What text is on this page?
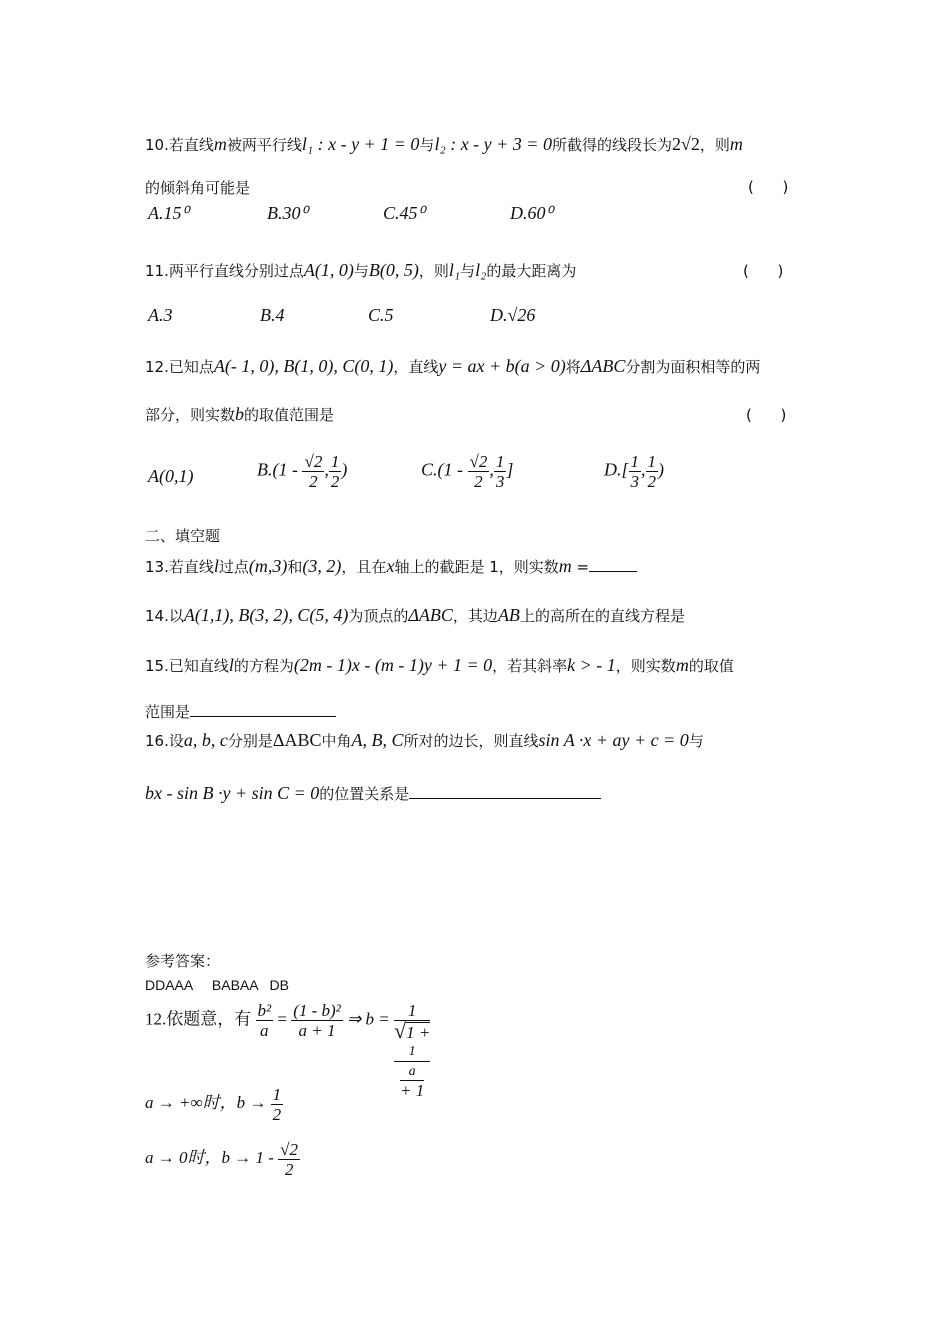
10.若直线m被两平行线l₁ : x - y + 1 = 0与l₂ : x - y + 3 = 0所截得的线段长为2√2，则m
的倾斜角可能是	(      )
A.15⁰	B.30⁰	C.45⁰	D.60⁰
11.两平行直线分别过点A(1, 0)与B(0, 5)，则l₁与l₂的最大距离为	(      )
A.3	B.4	C.5	D.√26
12.已知点A(- 1, 0), B(1, 0), C(0, 1)，直线y = ax + b(a > 0)将ΔABC分割为面积相等的两
部分，则实数b的取值范围是	(      )
A(0,1)	$B.(1 - \frac{√2}{2}$ , $\frac{1}{2}$ )	$C.(1 - \frac{√2}{2}$ , $\frac{1}{3}$ ]	$D.[ \frac{1}{3}$ , $\frac{1}{2}$ )
二、填空题
13.若直线l过点(m,3)和(3, 2)，且在x轴上的截距是 1，则实数m =
14.以A(1,1), B(3, 2), C(5, 4)为顶点的ΔABC，其边AB上的高所在的直线方程是
15.已知直线l的方程为(2m - 1)x - (m - 1)y + 1 = 0，若其斜率k > - 1，则实数m的取值
范围是
16.设a, b, c分别是ΔABC中角A, B, C所对的边长，则直线sin A ·x + ay + c = 0与
bx - sin B ·y + sin C = 0的位置关系是
参考答案：
DDAAA     BABAA   DB
12.依题意，有 $\frac{\text{b²}}{a} = \frac{\text{(1 - b)²}}{a + 1}$ ⇒ b = 1
√1 +
1
a
+ 1
a → +∞时，$b \to \frac{1}{2}$
a → 0时，$b \to 1 - \frac{√2}{2}$
